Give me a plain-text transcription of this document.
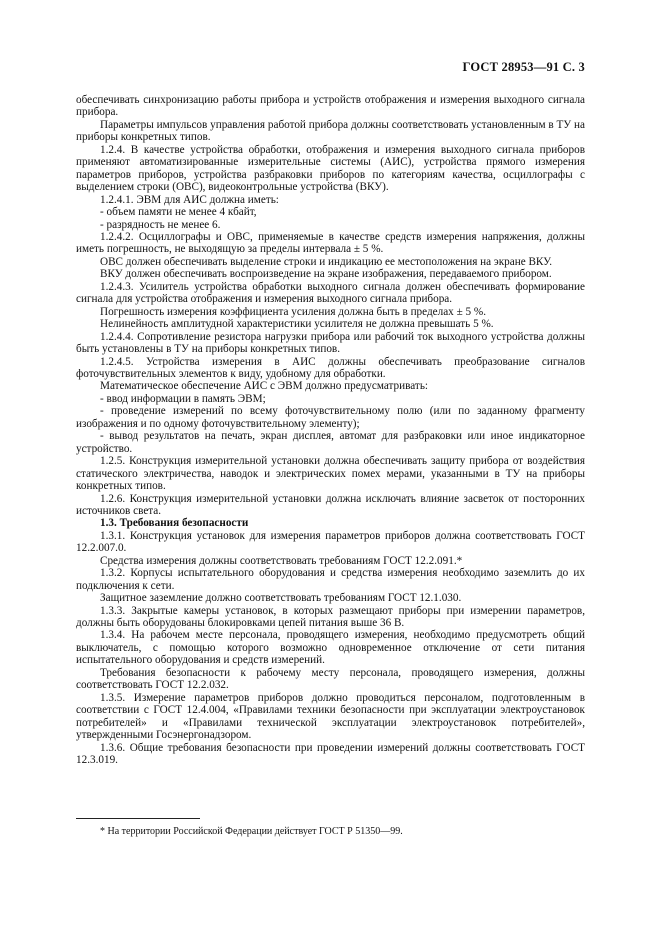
ГОСТ 28953—91 С. 3

обеспечивать синхронизацию работы прибора и устройств отображения и измерения выходного сигнала прибора.

Параметры импульсов управления работой прибора должны соответствовать установленным в ТУ на приборы конкретных типов.

1.2.4. В качестве устройства обработки, отображения и измерения выходного сигнала приборов применяют автоматизированные измерительные системы (АИС), устройства прямого измерения параметров приборов, устройства разбраковки приборов по категориям качества, осциллографы с выделением строки (ОВС), видеоконтрольные устройства (ВКУ).

1.2.4.1. ЭВМ для АИС должна иметь:

- объем памяти не менее 4 кбайт,

- разрядность не менее 6.

1.2.4.2. Осциллографы и ОВС, применяемые в качестве средств измерения напряжения, должны иметь погрешность, не выходящую за пределы интервала ± 5 %.

ОВС должен обеспечивать выделение строки и индикацию ее местоположения на экране ВКУ.

ВКУ должен обеспечивать воспроизведение на экране изображения, передаваемого прибором.

1.2.4.3. Усилитель устройства обработки выходного сигнала должен обеспечивать формирование сигнала для устройства отображения и измерения выходного сигнала прибора.

Погрешность измерения коэффициента усиления должна быть в пределах ± 5 %.

Нелинейность амплитудной характеристики усилителя не должна превышать 5 %.

1.2.4.4. Сопротивление резистора нагрузки прибора или рабочий ток выходного устройства должны быть установлены в ТУ на приборы конкретных типов.

1.2.4.5. Устройства измерения в АИС должны обеспечивать преобразование сигналов фоточувствительных элементов к виду, удобному для обработки.

Математическое обеспечение АИС с ЭВМ должно предусматривать:

- ввод информации в память ЭВМ;

- проведение измерений по всему фоточувствительному полю (или по заданному фрагменту изображения и по одному фоточувствительному элементу);

- вывод результатов на печать, экран дисплея, автомат для разбраковки или иное индикаторное устройство.

1.2.5. Конструкция измерительной установки должна обеспечивать защиту прибора от воздействия статического электричества, наводок и электрических помех мерами, указанными в ТУ на приборы конкретных типов.

1.2.6. Конструкция измерительной установки должна исключать влияние засветок от посторонних источников света.

1.3. Требования безопасности

1.3.1. Конструкция установок для измерения параметров приборов должна соответствовать ГОСТ 12.2.007.0.

Средства измерения должны соответствовать требованиям ГОСТ 12.2.091.*

1.3.2. Корпусы испытательного оборудования и средства измерения необходимо заземлить до их подключения к сети.

Защитное заземление должно соответствовать требованиям ГОСТ 12.1.030.

1.3.3. Закрытые камеры установок, в которых размещают приборы при измерении параметров, должны быть оборудованы блокировками цепей питания выше 36 В.

1.3.4. На рабочем месте персонала, проводящего измерения, необходимо предусмотреть общий выключатель, с помощью которого возможно одновременное отключение от сети питания испытательного оборудования и средств измерений.

Требования безопасности к рабочему месту персонала, проводящего измерения, должны соответствовать ГОСТ 12.2.032.

1.3.5. Измерение параметров приборов должно проводиться персоналом, подготовленным в соответствии с ГОСТ 12.4.004, «Правилами техники безопасности при эксплуатации электроустановок потребителей» и «Правилами технической эксплуатации электроустановок потребителей», утвержденными Госэнергонадзором.

1.3.6. Общие требования безопасности при проведении измерений должны соответствовать ГОСТ 12.3.019.

* На территории Российской Федерации действует ГОСТ Р 51350—99.
